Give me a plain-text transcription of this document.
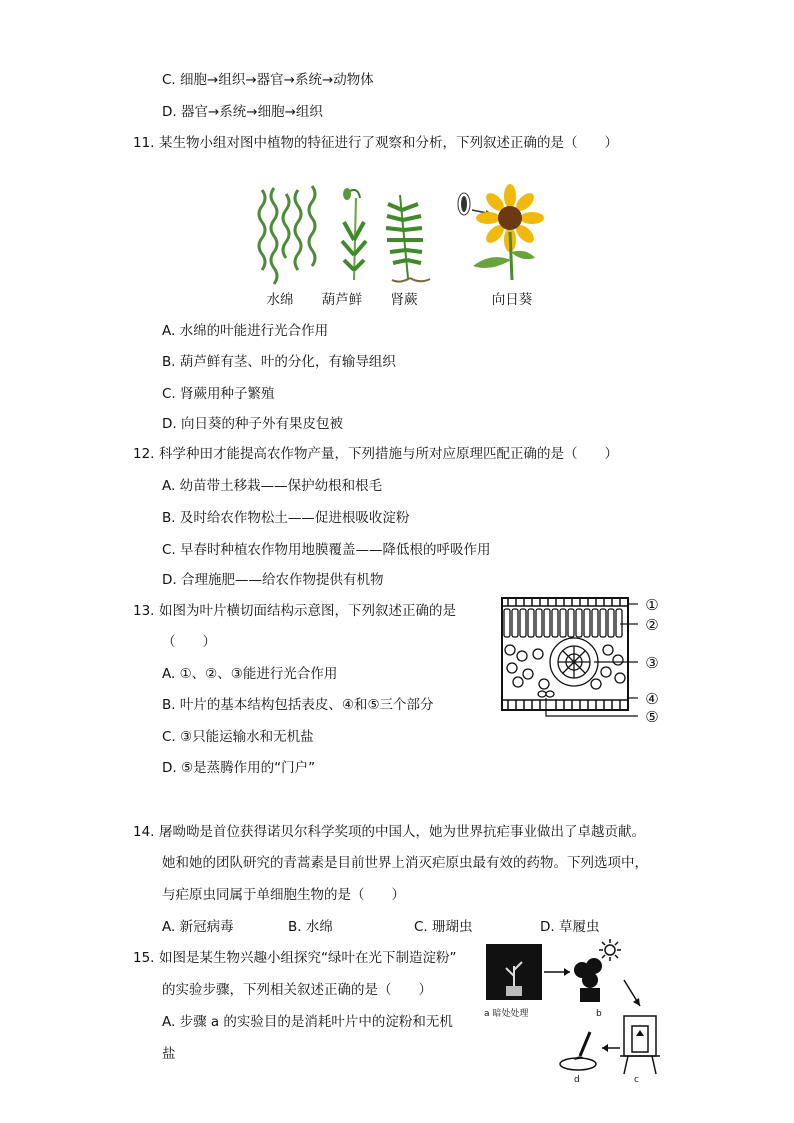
C. 细胞→组织→器官→系统→动物体
D. 器官→系统→细胞→组织
11. 某生物小组对图中植物的特征进行了观察和分析，下列叙述正确的是（　　）
水绵 葫芦鲜 肾蕨	向日葵
A. 水绵的叶能进行光合作用
B. 葫芦鲜有茎、叶的分化，有输导组织
C. 肾蕨用种子繁殖
D. 向日葵的种子外有果皮包被
12. 科学种田才能提高农作物产量，下列措施与所对应原理匹配正确的是（　　）
A. 幼苗带土移栽——保护幼根和根毛
B. 及时给农作物松土——促进根吸收淀粉
C. 早春时种植农作物用地膜覆盖——降低根的呼吸作用
D. 合理施肥——给农作物提供有机物
13. 如图为叶片横切面结构示意图，下列叙述正确的是
（　　）
A. ①、②、③能进行光合作用
B. 叶片的基本结构包括表皮、④和⑤三个部分
C. ③只能运输水和无机盐
D. ⑤是蒸腾作用的“门户”
①
②
③
④
⑤
14. 屠呦呦是首位获得诺贝尔科学奖项的中国人，她为世界抗疟事业做出了卓越贡献。
她和她的团队研究的青蒿素是目前世界上消灭疟原虫最有效的药物。下列选项中，
与疟原虫同属于单细胞生物的是（　　）
A. 新冠病毒	B. 水绵	C. 珊瑚虫	D. 草履虫
15. 如图是某生物兴趣小组探究“绿叶在光下制造淀粉”
的实验步骤，下列相关叙述正确的是（　　）
A. 步骤 a 的实验目的是消耗叶片中的淀粉和无机
盐
a 暗处处理	b
c
d
